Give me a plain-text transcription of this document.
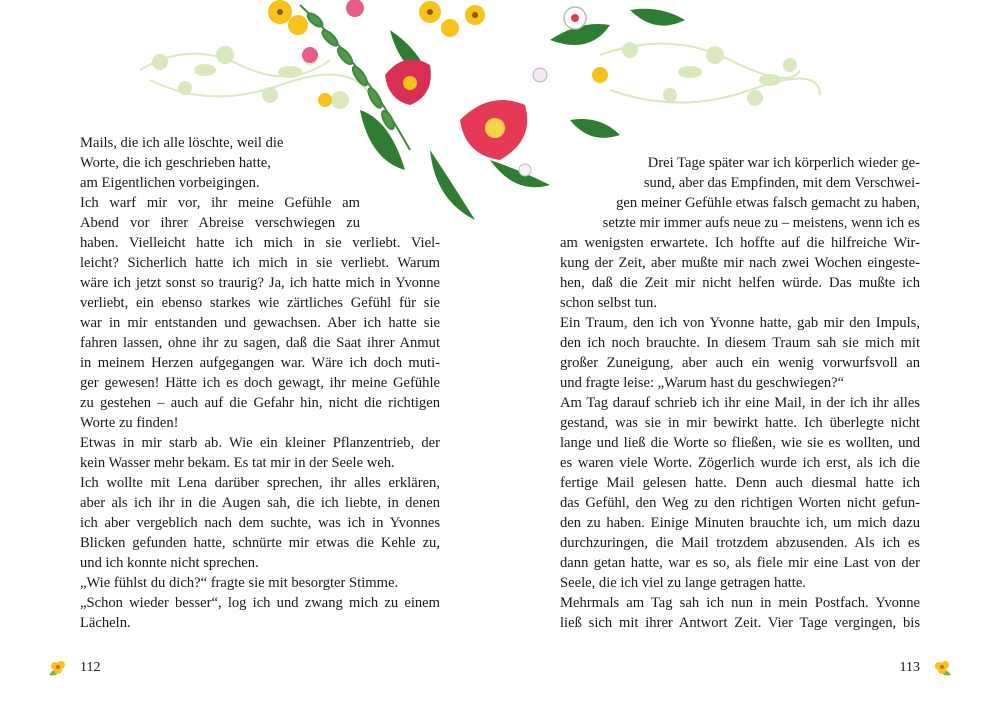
Mails, die ich alle löschte, weil die
Worte, die ich geschrieben hatte,
am Eigentlichen vorbeigingen.
Ich warf mir vor, ihr meine Gefühle am
Abend vor ihrer Abreise verschwiegen zu
haben. Vielleicht hatte ich mich in sie verliebt. Viel-
leicht? Sicherlich hatte ich mich in sie verliebt. Warum
wäre ich jetzt sonst so traurig? Ja, ich hatte mich in Yvonne
verliebt, ein ebenso starkes wie zärtliches Gefühl für sie
war in mir entstanden und gewachsen. Aber ich hatte sie
fahren lassen, ohne ihr zu sagen, daß die Saat ihrer Anmut
in meinem Herzen aufgegangen war. Wäre ich doch muti-
ger gewesen! Hätte ich es doch gewagt, ihr meine Gefühle
zu gestehen – auch auf die Gefahr hin, nicht die richtigen
Worte zu finden!
Etwas in mir starb ab. Wie ein kleiner Pflanzentrieb, der
kein Wasser mehr bekam. Es tat mir in der Seele weh.
Ich wollte mit Lena darüber sprechen, ihr alles erklären,
aber als ich ihr in die Augen sah, die ich liebte, in denen
ich aber vergeblich nach dem suchte, was ich in Yvonnes
Blicken gefunden hatte, schnürte mir etwas die Kehle zu,
und ich konnte nicht sprechen.
„Wie fühlst du dich?“ fragte sie mit besorgter Stimme.
„Schon wieder besser“, log ich und zwang mich zu einem
Lächeln.
112
Drei Tage später war ich körperlich wieder ge-
sund, aber das Empfinden, mit dem Verschwei-
gen meiner Gefühle etwas falsch gemacht zu haben,
setzte mir immer aufs neue zu – meistens, wenn ich es
am wenigsten erwartete. Ich hoffte auf die hilfreiche Wir-
kung der Zeit, aber mußte mir nach zwei Wochen eingeste-
hen, daß die Zeit mir nicht helfen würde. Das mußte ich
schon selbst tun.
Ein Traum, den ich von Yvonne hatte, gab mir den Impuls,
den ich noch brauchte. In diesem Traum sah sie mich mit
großer Zuneigung, aber auch ein wenig vorwurfsvoll an
und fragte leise: „Warum hast du geschwiegen?“
Am Tag darauf schrieb ich ihr eine Mail, in der ich ihr alles
gestand, was sie in mir bewirkt hatte. Ich überlegte nicht
lange und ließ die Worte so fließen, wie sie es wollten, und
es waren viele Worte. Zögerlich wurde ich erst, als ich die
fertige Mail gelesen hatte. Denn auch diesmal hatte ich
das Gefühl, den Weg zu den richtigen Worten nicht gefun-
den zu haben. Einige Minuten brauchte ich, um mich dazu
durchzuringen, die Mail trotzdem abzusenden. Als ich es
dann getan hatte, war es so, als fiele mir eine Last von der
Seele, die ich viel zu lange getragen hatte.
Mehrmals am Tag sah ich nun in mein Postfach. Yvonne
ließ sich mit ihrer Antwort Zeit. Vier Tage vergingen, bis
113
